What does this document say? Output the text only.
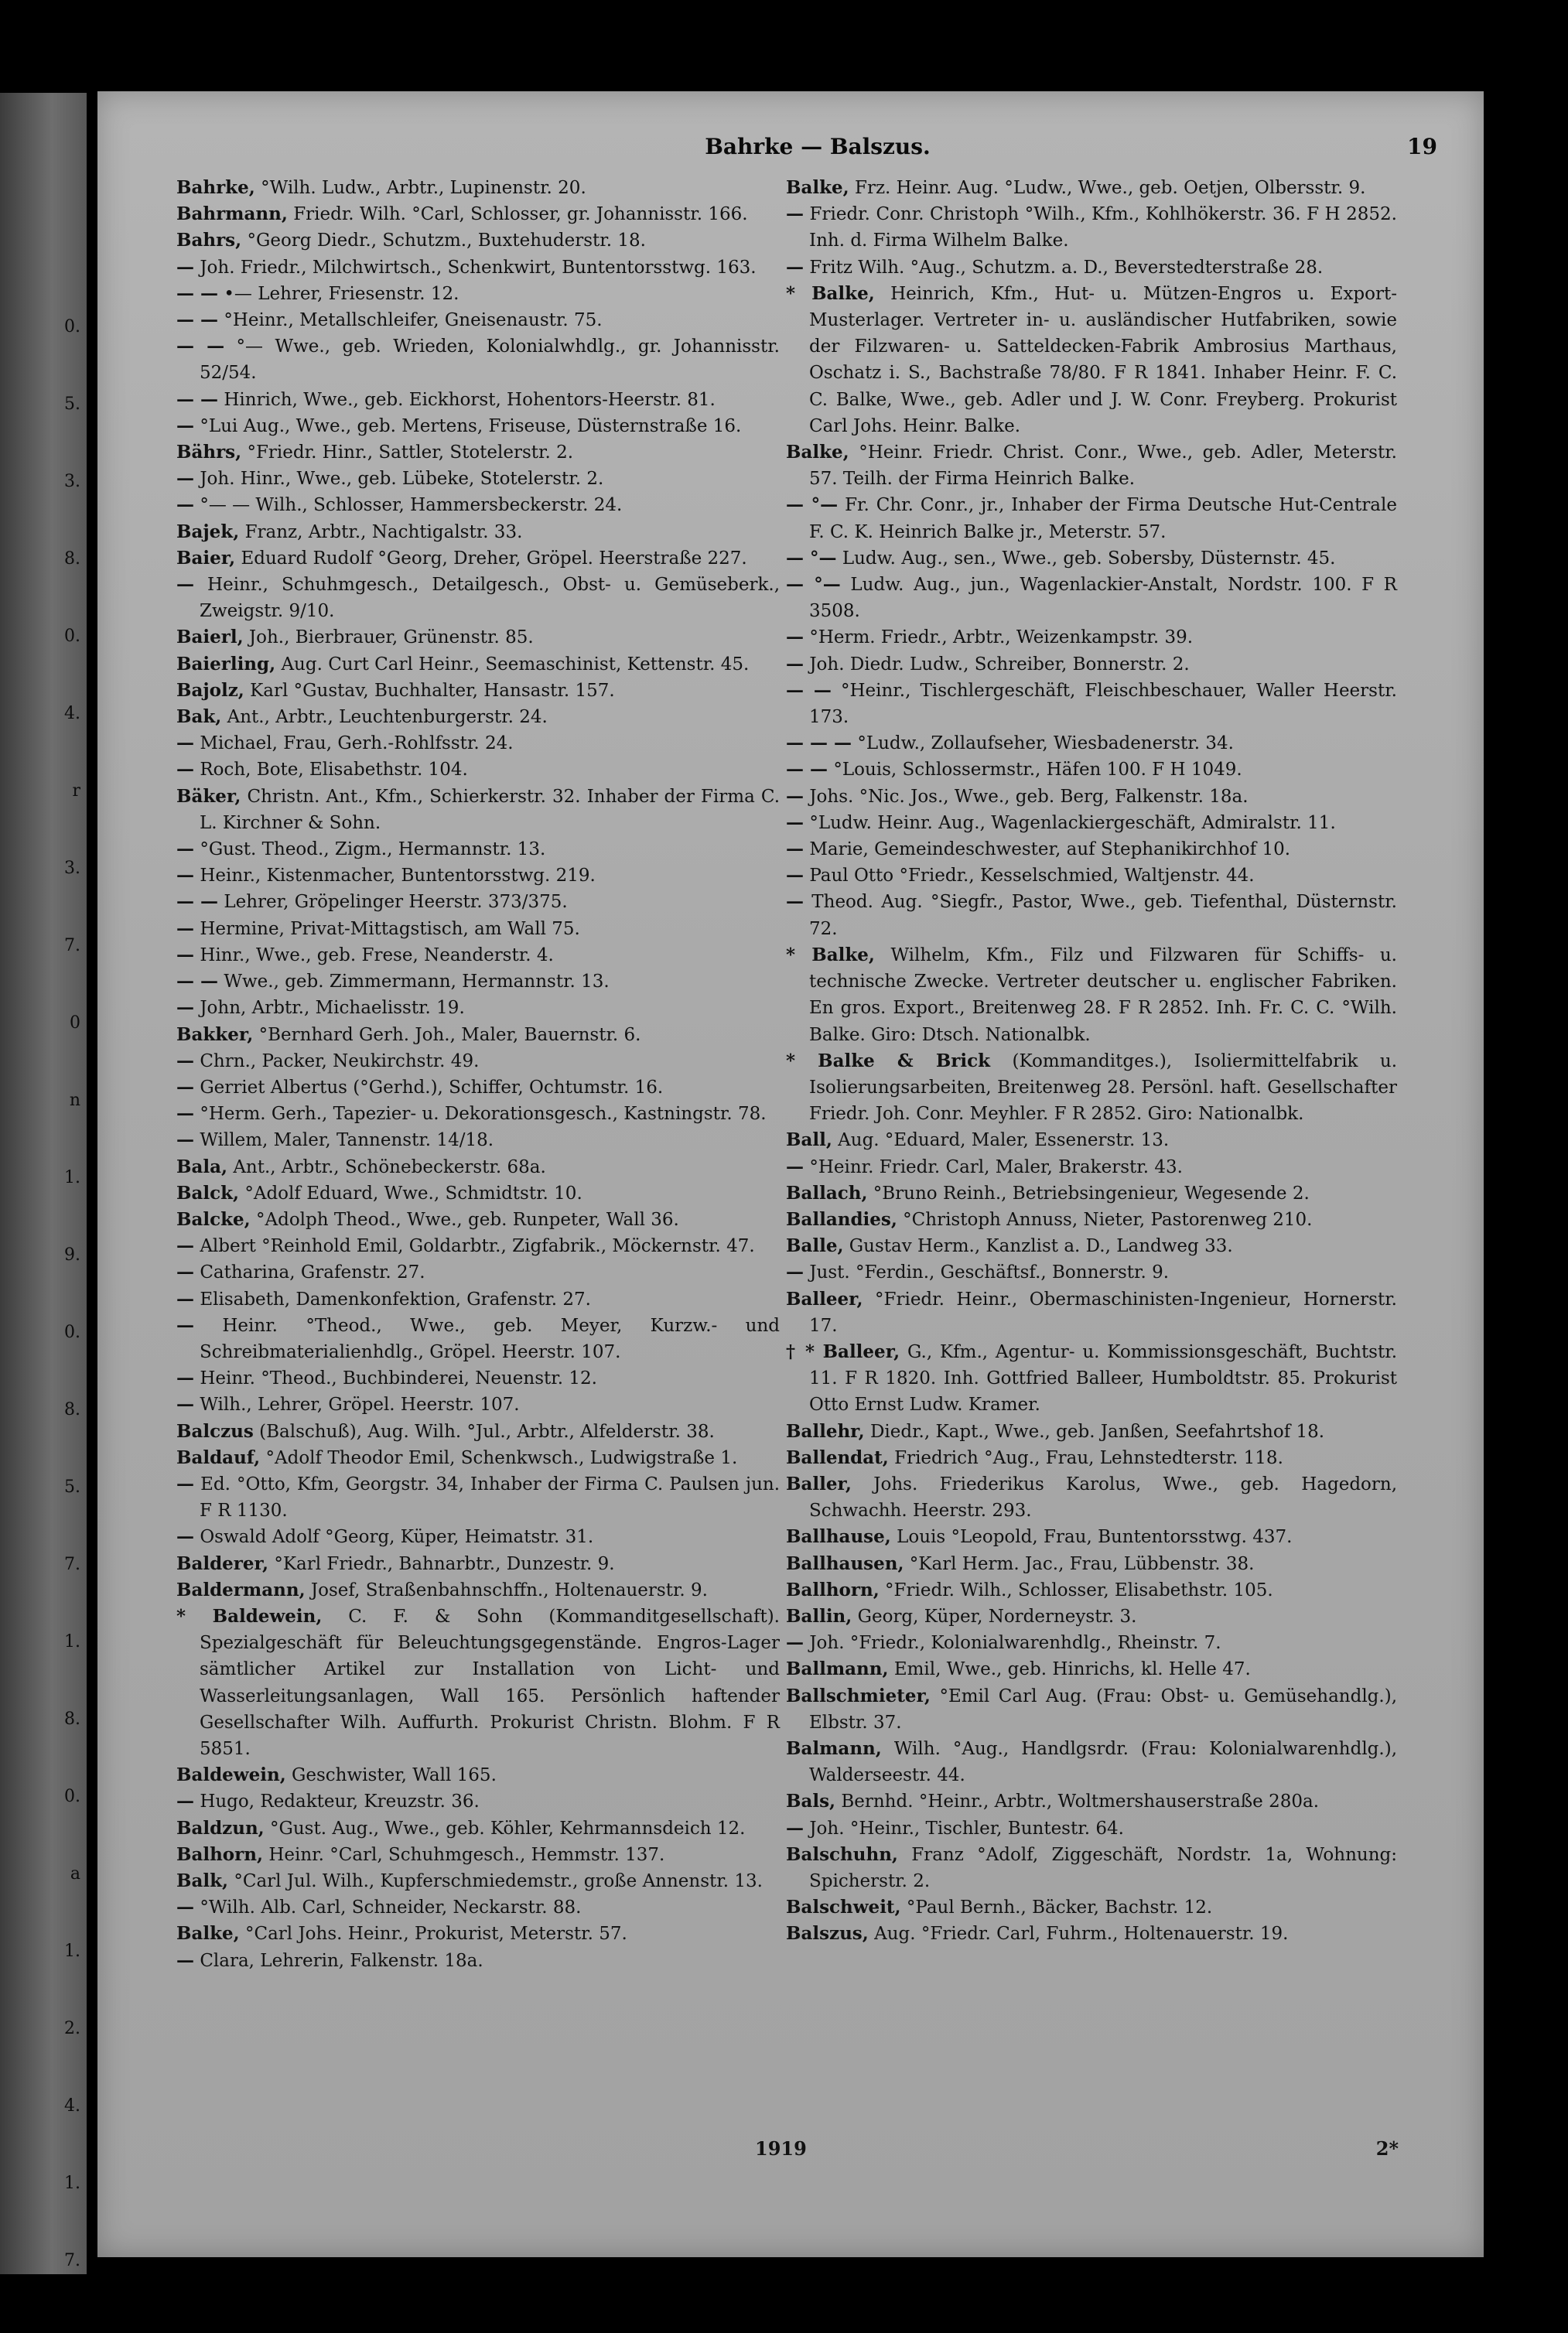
0.
5.
3.
8.
0.
4.
r
3.
7.
0
n
1.
9.
0.
8.
5.
7.
1.
8.
0.
a
1.
2.
4.
1.
7.
Bahrke — Balszus.	19

Bahrke, °Wilh. Ludw., Arbtr., Lupinenstr. 20.

Bahrmann, Friedr. Wilh. °Carl, Schlosser, gr. Johannisstr. 166.

Bahrs, °Georg Diedr., Schutzm., Buxtehuderstr. 18.

— Joh. Friedr., Milchwirtsch., Schenkwirt, Buntentorsstwg. 163.

— — •— Lehrer, Friesenstr. 12.

— — °Heinr., Metallschleifer, Gneisenaustr. 75.

— — °— Wwe., geb. Wrieden, Kolonialwhdlg., gr. Johannisstr. 52/54.

— — Hinrich, Wwe., geb. Eickhorst, Hohentors-Heerstr. 81.

— °Lui Aug., Wwe., geb. Mertens, Friseuse, Düsternstraße 16.

Bährs, °Friedr. Hinr., Sattler, Stotelerstr. 2.

— Joh. Hinr., Wwe., geb. Lübeke, Stotelerstr. 2.

— °— — Wilh., Schlosser, Hammersbeckerstr. 24.

Bajek, Franz, Arbtr., Nachtigalstr. 33.

Baier, Eduard Rudolf °Georg, Dreher, Gröpel. Heerstraße 227.

— Heinr., Schuhmgesch., Detailgesch., Obst- u. Gemüseberk., Zweigstr. 9/10.

Baierl, Joh., Bierbrauer, Grünenstr. 85.

Baierling, Aug. Curt Carl Heinr., Seemaschinist, Kettenstr. 45.

Bajolz, Karl °Gustav, Buchhalter, Hansastr. 157.

Bak, Ant., Arbtr., Leuchtenburgerstr. 24.

— Michael, Frau, Gerh.-Rohlfsstr. 24.

— Roch, Bote, Elisabethstr. 104.

Bäker, Christn. Ant., Kfm., Schierkerstr. 32. Inhaber der Firma C. L. Kirchner & Sohn.

— °Gust. Theod., Zigm., Hermannstr. 13.

— Heinr., Kistenmacher, Buntentorsstwg. 219.

— — Lehrer, Gröpelinger Heerstr. 373/375.

— Hermine, Privat-Mittagstisch, am Wall 75.

— Hinr., Wwe., geb. Frese, Neanderstr. 4.

— — Wwe., geb. Zimmermann, Hermannstr. 13.

— John, Arbtr., Michaelisstr. 19.

Bakker, °Bernhard Gerh. Joh., Maler, Bauernstr. 6.

— Chrn., Packer, Neukirchstr. 49.

— Gerriet Albertus (°Gerhd.), Schiffer, Ochtumstr. 16.

— °Herm. Gerh., Tapezier- u. Dekorationsgesch., Kastningstr. 78.

— Willem, Maler, Tannenstr. 14/18.

Bala, Ant., Arbtr., Schönebeckerstr. 68a.

Balck, °Adolf Eduard, Wwe., Schmidtstr. 10.

Balcke, °Adolph Theod., Wwe., geb. Runpeter, Wall 36.

— Albert °Reinhold Emil, Goldarbtr., Zigfabrik., Möckernstr. 47.

— Catharina, Grafenstr. 27.

— Elisabeth, Damenkonfektion, Grafenstr. 27.

— Heinr. °Theod., Wwe., geb. Meyer, Kurzw.- und Schreibmaterialienhdlg., Gröpel. Heerstr. 107.

— Heinr. °Theod., Buchbinderei, Neuenstr. 12.

— Wilh., Lehrer, Gröpel. Heerstr. 107.

Balczus (Balschuß), Aug. Wilh. °Jul., Arbtr., Alfelderstr. 38.

Baldauf, °Adolf Theodor Emil, Schenkwsch., Ludwigstraße 1.

— Ed. °Otto, Kfm, Georgstr. 34, Inhaber der Firma C. Paulsen jun. F R 1130.

— Oswald Adolf °Georg, Küper, Heimatstr. 31.

Balderer, °Karl Friedr., Bahnarbtr., Dunzestr. 9.

Baldermann, Josef, Straßenbahnschffn., Holtenauerstr. 9.

* Baldewein, C. F. & Sohn (Kommanditgesellschaft). Spezialgeschäft für Beleuchtungsgegenstände. Engros-Lager sämtlicher Artikel zur Installation von Licht- und Wasserleitungsanlagen, Wall 165. Persönlich haftender Gesellschafter Wilh. Auffurth. Prokurist Christn. Blohm. F R 5851.

Baldewein, Geschwister, Wall 165.

— Hugo, Redakteur, Kreuzstr. 36.

Baldzun, °Gust. Aug., Wwe., geb. Köhler, Kehrmannsdeich 12.

Balhorn, Heinr. °Carl, Schuhmgesch., Hemmstr. 137.

Balk, °Carl Jul. Wilh., Kupferschmiedemstr., große Annenstr. 13.

— °Wilh. Alb. Carl, Schneider, Neckarstr. 88.

Balke, °Carl Johs. Heinr., Prokurist, Meterstr. 57.

— Clara, Lehrerin, Falkenstr. 18a.

Balke, Frz. Heinr. Aug. °Ludw., Wwe., geb. Oetjen, Olbersstr. 9.

— Friedr. Conr. Christoph °Wilh., Kfm., Kohlhökerstr. 36. F H 2852. Inh. d. Firma Wilhelm Balke.

— Fritz Wilh. °Aug., Schutzm. a. D., Beverstedterstraße 28.

* Balke, Heinrich, Kfm., Hut- u. Mützen-Engros u. Export-Musterlager. Vertreter in- u. ausländischer Hutfabriken, sowie der Filzwaren- u. Satteldecken-Fabrik Ambrosius Marthaus, Oschatz i. S., Bachstraße 78/80. F R 1841. Inhaber Heinr. F. C. C. Balke, Wwe., geb. Adler und J. W. Conr. Freyberg. Prokurist Carl Johs. Heinr. Balke.

Balke, °Heinr. Friedr. Christ. Conr., Wwe., geb. Adler, Meterstr. 57. Teilh. der Firma Heinrich Balke.

— °— Fr. Chr. Conr., jr., Inhaber der Firma Deutsche Hut-Centrale F. C. K. Heinrich Balke jr., Meterstr. 57.

— °— Ludw. Aug., sen., Wwe., geb. Sobersby, Düsternstr. 45.

— °— Ludw. Aug., jun., Wagenlackier-Anstalt, Nordstr. 100. F R 3508.

— °Herm. Friedr., Arbtr., Weizenkampstr. 39.

— Joh. Diedr. Ludw., Schreiber, Bonnerstr. 2.

— — °Heinr., Tischlergeschäft, Fleischbeschauer, Waller Heerstr. 173.

— — — °Ludw., Zollaufseher, Wiesbadenerstr. 34.

— — °Louis, Schlossermstr., Häfen 100. F H 1049.

— Johs. °Nic. Jos., Wwe., geb. Berg, Falkenstr. 18a.

— °Ludw. Heinr. Aug., Wagenlackiergeschäft, Admiralstr. 11.

— Marie, Gemeindeschwester, auf Stephanikirchhof 10.

— Paul Otto °Friedr., Kesselschmied, Waltjenstr. 44.

— Theod. Aug. °Siegfr., Pastor, Wwe., geb. Tiefenthal, Düsternstr. 72.

* Balke, Wilhelm, Kfm., Filz und Filzwaren für Schiffs- u. technische Zwecke. Vertreter deutscher u. englischer Fabriken. En gros. Export., Breitenweg 28. F R 2852. Inh. Fr. C. C. °Wilh. Balke. Giro: Dtsch. Nationalbk.

* Balke & Brick (Kommanditges.), Isoliermittelfabrik u. Isolierungsarbeiten, Breitenweg 28. Persönl. haft. Gesellschafter Friedr. Joh. Conr. Meyhler. F R 2852. Giro: Nationalbk.

Ball, Aug. °Eduard, Maler, Essenerstr. 13.

— °Heinr. Friedr. Carl, Maler, Brakerstr. 43.

Ballach, °Bruno Reinh., Betriebsingenieur, Wegesende 2.

Ballandies, °Christoph Annuss, Nieter, Pastorenweg 210.

Balle, Gustav Herm., Kanzlist a. D., Landweg 33.

— Just. °Ferdin., Geschäftsf., Bonnerstr. 9.

Balleer, °Friedr. Heinr., Obermaschinisten-Ingenieur, Hornerstr. 17.

† * Balleer, G., Kfm., Agentur- u. Kommissionsgeschäft, Buchtstr. 11. F R 1820. Inh. Gottfried Balleer, Humboldtstr. 85. Prokurist Otto Ernst Ludw. Kramer.

Ballehr, Diedr., Kapt., Wwe., geb. Janßen, Seefahrtshof 18.

Ballendat, Friedrich °Aug., Frau, Lehnstedterstr. 118.

Baller, Johs. Friederikus Karolus, Wwe., geb. Hagedorn, Schwachh. Heerstr. 293.

Ballhause, Louis °Leopold, Frau, Buntentorsstwg. 437.

Ballhausen, °Karl Herm. Jac., Frau, Lübbenstr. 38.

Ballhorn, °Friedr. Wilh., Schlosser, Elisabethstr. 105.

Ballin, Georg, Küper, Norderneystr. 3.

— Joh. °Friedr., Kolonialwarenhdlg., Rheinstr. 7.

Ballmann, Emil, Wwe., geb. Hinrichs, kl. Helle 47.

Ballschmieter, °Emil Carl Aug. (Frau: Obst- u. Gemüsehandlg.), Elbstr. 37.

Balmann, Wilh. °Aug., Handlgsrdr. (Frau: Kolonialwarenhdlg.), Walderseestr. 44.

Bals, Bernhd. °Heinr., Arbtr., Woltmershauserstraße 280a.

— Joh. °Heinr., Tischler, Buntestr. 64.

Balschuhn, Franz °Adolf, Ziggeschäft, Nordstr. 1a, Wohnung: Spicherstr. 2.

Balschweit, °Paul Bernh., Bäcker, Bachstr. 12.

Balszus, Aug. °Friedr. Carl, Fuhrm., Holtenauerstr. 19.

1919	2*
